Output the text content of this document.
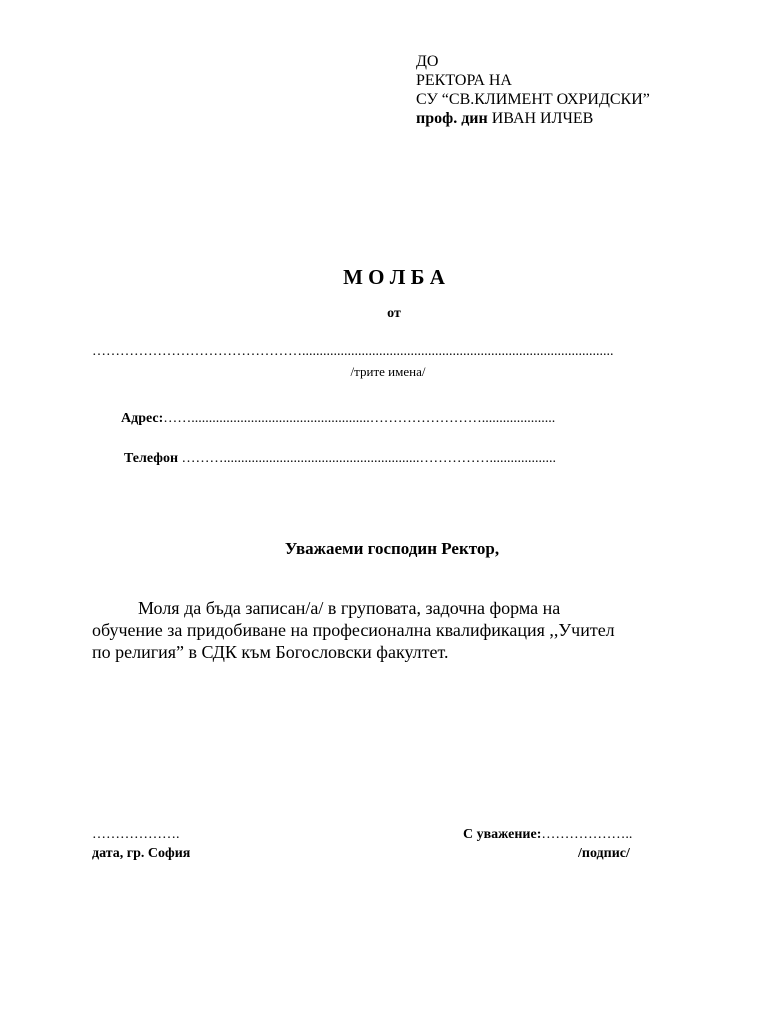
ДО
РЕКТОРА НА
СУ “СВ.КЛИМЕНТ ОХРИДСКИ”
проф. дин ИВАН ИЛЧЕВ
М О Л Б А
от
……………………………………….........................................................................................
/трите имена/
Адрес:……...................................................…………………….....................
Телефон ………........................................................……………...................
Уважаеми господин Ректор,
Моля да бъда записан/а/ в груповата, задочна форма на
обучение за придобиване на професионална квалификация ,,Учител
по религия” в СДК към Богословски факултет.
……………….
дата, гр. София
С уважение:………………..
/подпис/
